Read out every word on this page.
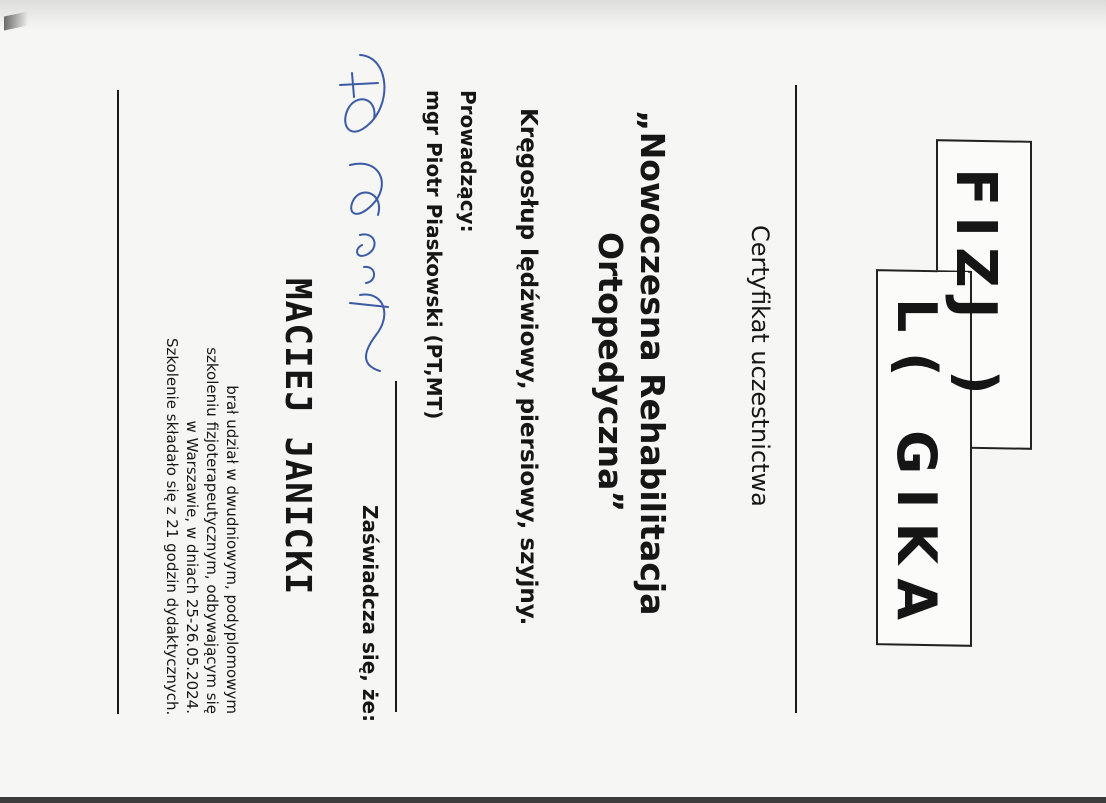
FIZJ
)
L
(
GIKA
Certyfikat uczestnictwa
„Nowoczesna Rehabilitacja
Ortopedyczna”
Kręgosłup lędźwiowy, piersiowy, szyjny.
Prowadzący:
mgr Piotr Piaskowski (PT,MT)
Zaświadcza się, że:
MACIEJ JANICKI
brał udział w dwudniowym, podyplomowym
szkoleniu fizjoterapeutycznym, odbywającym się
w Warszawie, w dniach 25-26.05.2024.
Szkolenie składało się z 21 godzin dydaktycznych.
